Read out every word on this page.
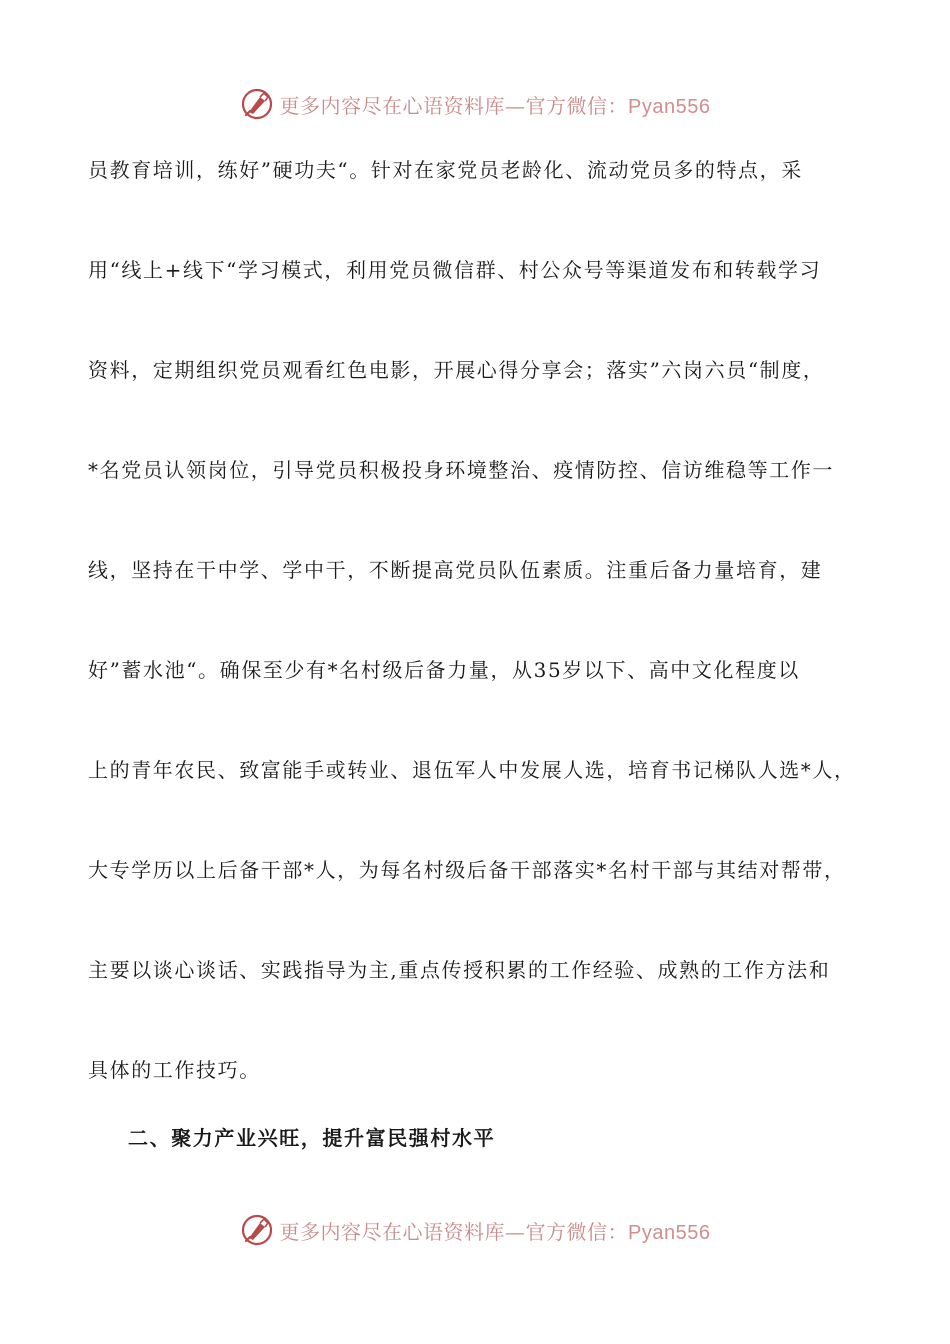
更多内容尽在心语资料库—官方微信：Pyan556
员教育培训，练好”硬功夫“。针对在家党员老龄化、流动党员多的特点，采
用“线上+线下“学习模式，利用党员微信群、村公众号等渠道发布和转载学习
资料，定期组织党员观看红色电影，开展心得分享会；落实”六岗六员“制度，
*名党员认领岗位，引导党员积极投身环境整治、疫情防控、信访维稳等工作一
线，坚持在干中学、学中干，不断提高党员队伍素质。注重后备力量培育，建
好”蓄水池“。确保至少有*名村级后备力量，从35岁以下、高中文化程度以
上的青年农民、致富能手或转业、退伍军人中发展人选，培育书记梯队人选*人，
大专学历以上后备干部*人，为每名村级后备干部落实*名村干部与其结对帮带，
主要以谈心谈话、实践指导为主,重点传授积累的工作经验、成熟的工作方法和
具体的工作技巧。
二、聚力产业兴旺，提升富民强村水平
更多内容尽在心语资料库—官方微信：Pyan556
